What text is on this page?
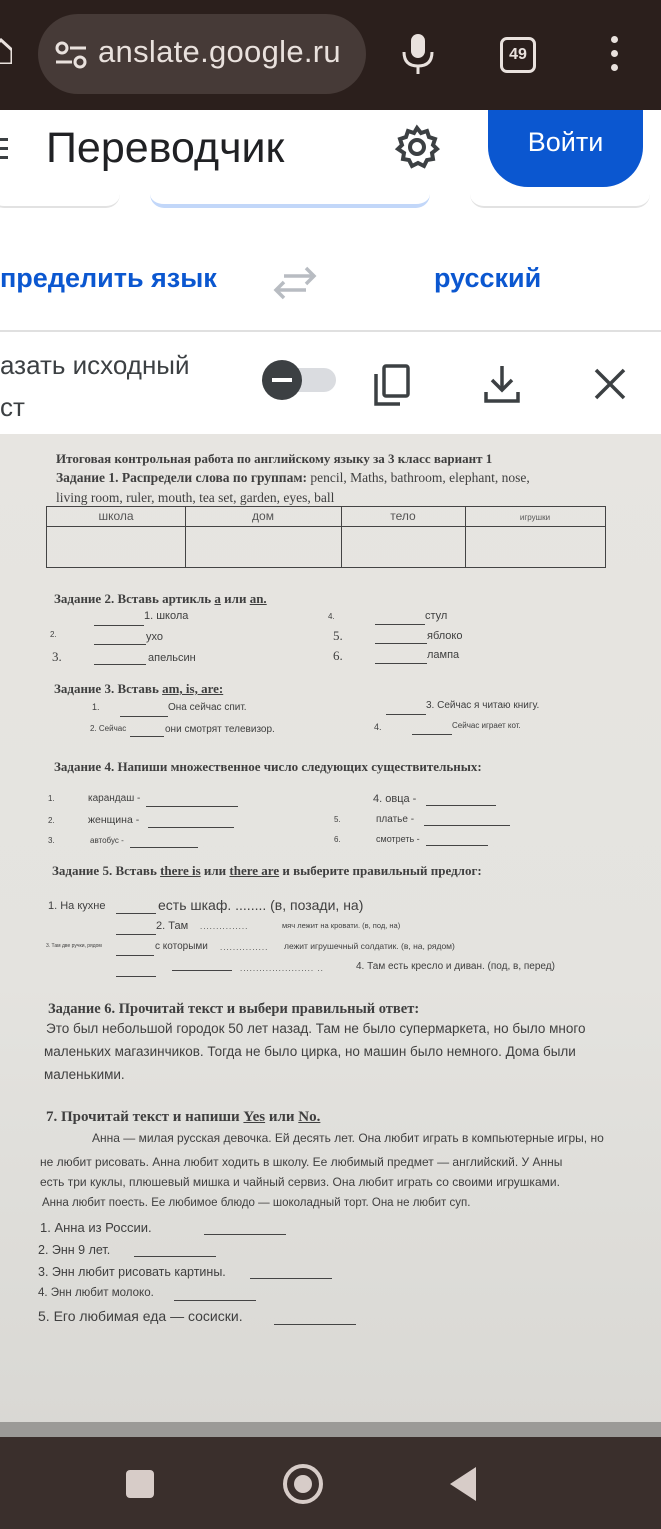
anslate.google.ru	49
Переводчик	Войти
пределить язык	русский
азать исходный
ст
Итоговая контрольная работа по английскому языку за 3 класс вариант 1
Задание 1. Распредели слова по группам: pencil, Maths, bathroom, elephant, nose,
living room, ruler, mouth, tea set, garden, eyes, ball
школа	дом	тело	игрушки
Задание 2. Вставь артикль a или an.
1. школа
2.	ухо
3.	апельсин
4.	стул
5.	яблоко
6.	лампа
Задание 3. Вставь am, is, are:
1.	Она сейчас спит.
2. Сейчас	они смотрят телевизор.
3. Сейчас я читаю книгу.
4.	Сейчас играет кот.
Задание 4. Напиши множественное число следующих существительных:
1.	карандаш -
2.	женщина -
3.	автобус -
4. овца -
5.	платье -
6.	смотреть -
Задание 5. Вставь there is или there are и выберите правильный предлог:
1. На кухне	есть шкаф. ........ (в, позади, на)
2. Там ...............	мяч лежит на кровати. (в, под, на)
3. Там две ручки, рядом	с которыми ............... лежит игрушечный солдатик. (в, на, рядом)
....................... ..	4. Там есть кресло и диван. (под, в, перед)
Задание 6. Прочитай текст и выбери правильный ответ:
Это был небольшой городок 50 лет назад. Там не было супермаркета, но было много
маленьких магазинчиков. Тогда не было цирка, но машин было немного. Дома были
маленькими.
7. Прочитай текст и напиши Yes или No.
Анна — милая русская девочка. Ей десять лет. Она любит играть в компьютерные игры, но
не любит рисовать. Анна любит ходить в школу. Ее любимый предмет — английский. У Анны
есть три куклы, плюшевый мишка и чайный сервиз. Она любит играть со своими игрушками.
Анна любит поесть. Ее любимое блюдо — шоколадный торт. Она не любит суп.
1. Анна из России.
2. Энн 9 лет.
3. Энн любит рисовать картины.
4. Энн любит молоко.
5. Его любимая еда — сосиски.
